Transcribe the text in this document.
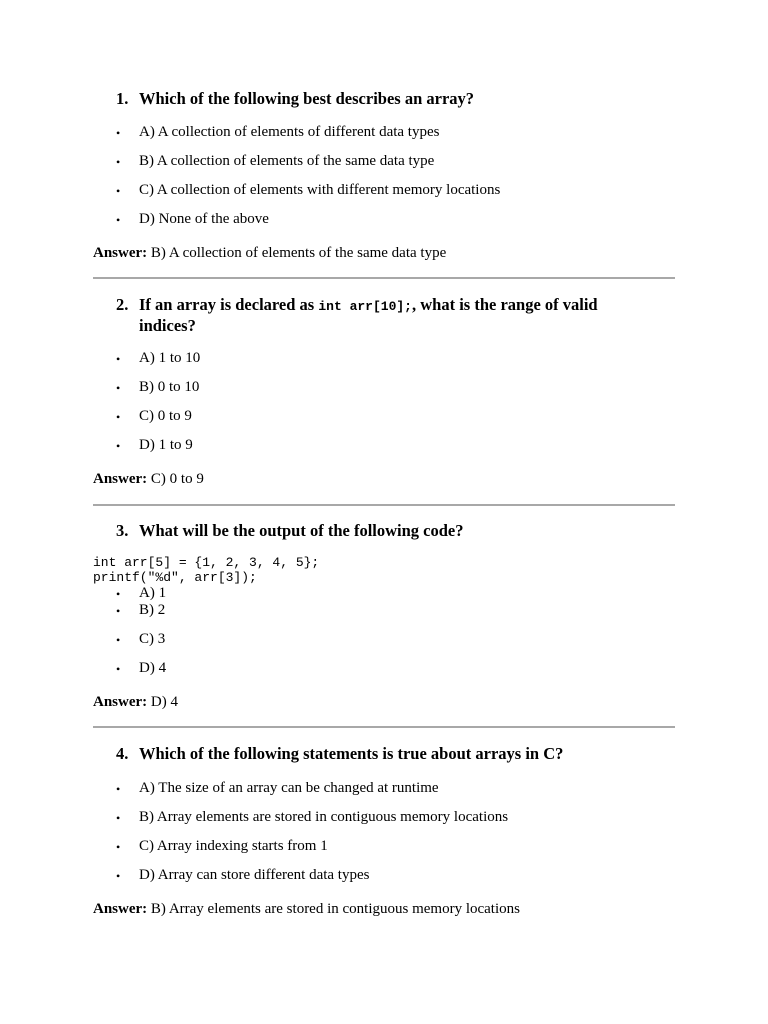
1. Which of the following best describes an array?
• A) A collection of elements of different data types
• B) A collection of elements of the same data type
• C) A collection of elements with different memory locations
• D) None of the above
Answer: B) A collection of elements of the same data type
2. If an array is declared as int arr[10];, what is the range of valid indices?
• A) 1 to 10
• B) 0 to 10
• C) 0 to 9
• D) 1 to 9
Answer: C) 0 to 9
3. What will be the output of the following code?
int arr[5] = {1, 2, 3, 4, 5};
printf("%d", arr[3]);
• A) 1
• B) 2
• C) 3
• D) 4
Answer: D) 4
4. Which of the following statements is true about arrays in C?
• A) The size of an array can be changed at runtime
• B) Array elements are stored in contiguous memory locations
• C) Array indexing starts from 1
• D) Array can store different data types
Answer: B) Array elements are stored in contiguous memory locations
